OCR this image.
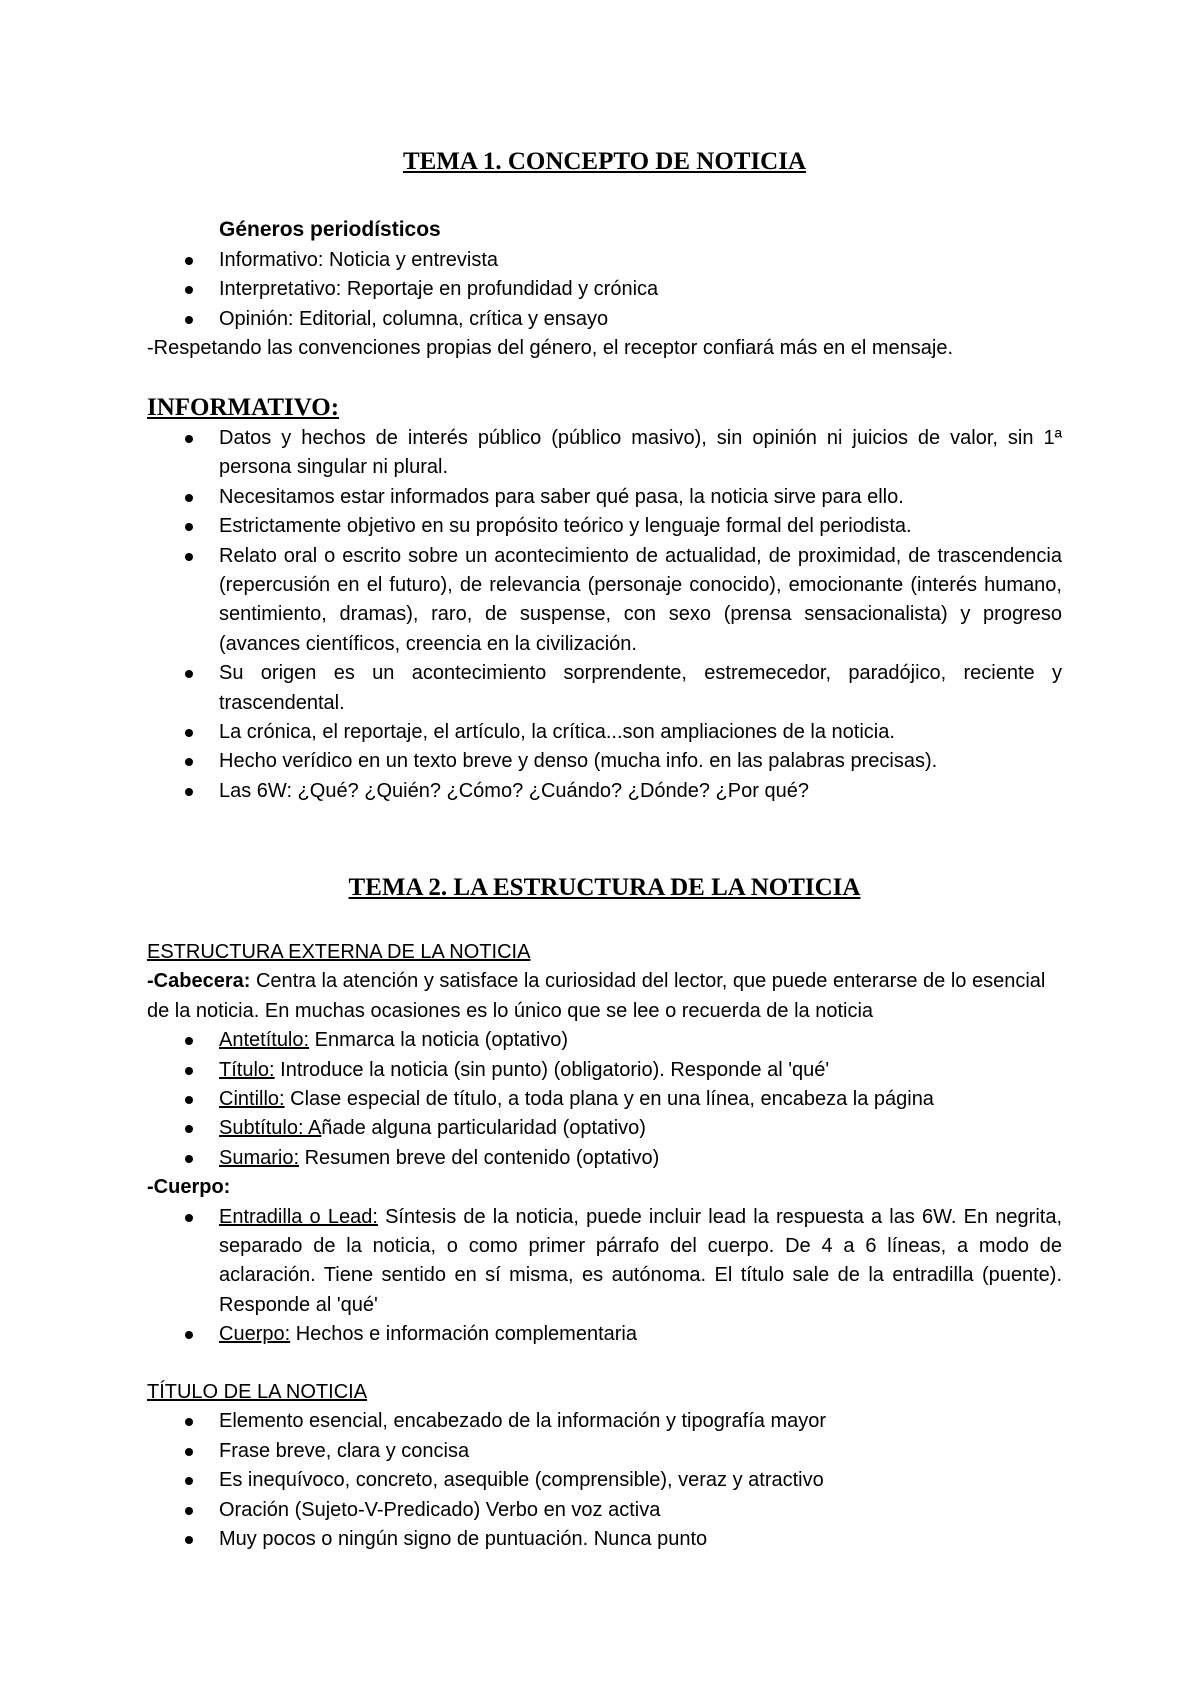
TEMA 1. CONCEPTO DE NOTICIA
Géneros periodísticos
Informativo: Noticia y entrevista
Interpretativo: Reportaje en profundidad y crónica
Opinión: Editorial, columna, crítica y ensayo

-Respetando las convenciones propias del género, el receptor confiará más en el mensaje.

INFORMATIVO:
Datos y hechos de interés público (público masivo), sin opinión ni juicios de valor, sin 1ª persona singular ni plural.
Necesitamos estar informados para saber qué pasa, la noticia sirve para ello.
Estrictamente objetivo en su propósito teórico y lenguaje formal del periodista.
Relato oral o escrito sobre un acontecimiento de actualidad, de proximidad, de trascendencia (repercusión en el futuro), de relevancia (personaje conocido), emocionante (interés humano, sentimiento, dramas), raro, de suspense, con sexo (prensa sensacionalista) y progreso (avances científicos, creencia en la civilización.
Su origen es un acontecimiento sorprendente, estremecedor, paradójico, reciente y trascendental.
La crónica, el reportaje, el artículo, la crítica...son ampliaciones de la noticia.
Hecho verídico en un texto breve y denso (mucha info. en las palabras precisas).
Las 6W: ¿Qué? ¿Quién? ¿Cómo? ¿Cuándo? ¿Dónde? ¿Por qué?
TEMA 2. LA ESTRUCTURA DE LA NOTICIA
ESTRUCTURA EXTERNA DE LA NOTICIA

-Cabecera: Centra la atención y satisface la curiosidad del lector, que puede enterarse de lo esencial de la noticia. En muchas ocasiones es lo único que se lee o recuerda de la noticia

Antetítulo: Enmarca la noticia (optativo)
Título: Introduce la noticia (sin punto) (obligatorio). Responde al 'qué'
Cintillo: Clase especial de título, a toda plana y en una línea, encabeza la página
Subtítulo: Añade alguna particularidad (optativo)
Sumario: Resumen breve del contenido (optativo)

-Cuerpo:

Entradilla o Lead: Síntesis de la noticia, puede incluir lead la respuesta a las 6W. En negrita, separado de la noticia, o como primer párrafo del cuerpo. De 4 a 6 líneas, a modo de aclaración. Tiene sentido en sí misma, es autónoma. El título sale de la entradilla (puente). Responde al 'qué'
Cuerpo: Hechos e información complementaria
TÍTULO DE LA NOTICIA
Elemento esencial, encabezado de la información y tipografía mayor
Frase breve, clara y concisa
Es inequívoco, concreto, asequible (comprensible), veraz y atractivo
Oración (Sujeto-V-Predicado) Verbo en voz activa
Muy pocos o ningún signo de puntuación. Nunca punto
